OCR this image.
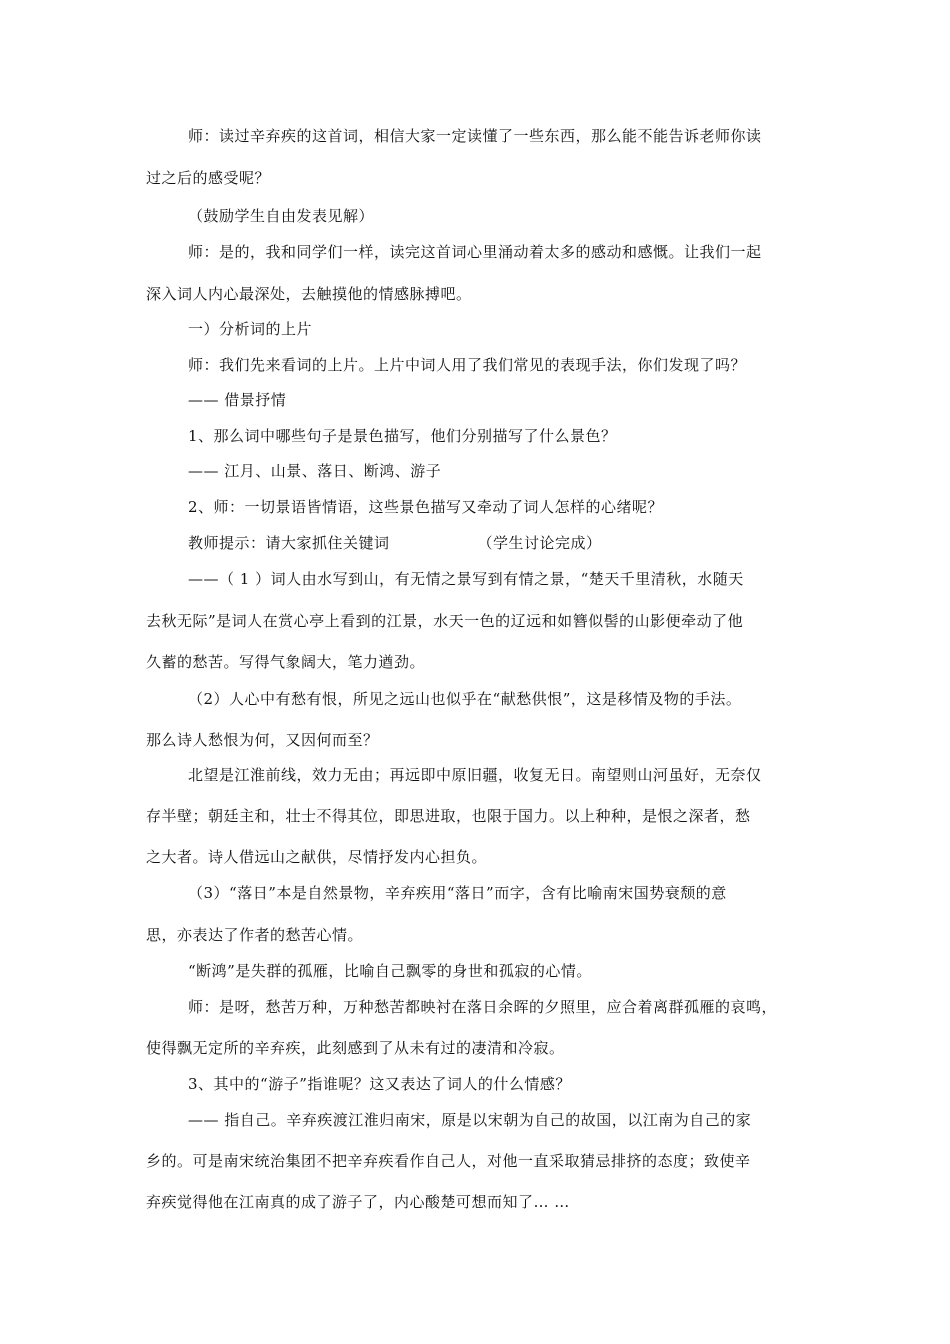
师：读过辛弃疾的这首词，相信大家一定读懂了一些东西，那么能不能告诉老师你读
过之后的感受呢？
（鼓励学生自由发表见解）
师：是的，我和同学们一样，读完这首词心里涌动着太多的感动和感慨。让我们一起
深入词人内心最深处，去触摸他的情感脉搏吧。
一）分析词的上片
师：我们先来看词的上片。上片中词人用了我们常见的表现手法，你们发现了吗？
—— 借景抒情
1、那么词中哪些句子是景色描写，他们分别描写了什么景色？
—— 江月、山景、落日、断鸿、游子
2、师：一切景语皆情语，这些景色描写又牵动了词人怎样的心绪呢？
教师提示：请大家抓住关键词	（学生讨论完成）
——（ 1 ）词人由水写到山，有无情之景写到有情之景，“楚天千里清秋，水随天
去秋无际”是词人在赏心亭上看到的江景，水天一色的辽远和如簪似髻的山影便牵动了他
久蓄的愁苦。写得气象阔大，笔力遒劲。
（2）人心中有愁有恨，所见之远山也似乎在“献愁供恨”，这是移情及物的手法。
那么诗人愁恨为何，又因何而至？
北望是江淮前线，效力无由；再远即中原旧疆，收复无日。南望则山河虽好，无奈仅
存半壁；朝廷主和，壮士不得其位，即思进取，也限于国力。以上种种，是恨之深者，愁
之大者。诗人借远山之献供，尽情抒发内心担负。
（3）“落日”本是自然景物，辛弃疾用“落日”而字，含有比喻南宋国势衰颓的意
思，亦表达了作者的愁苦心情。
“断鸿”是失群的孤雁，比喻自己飘零的身世和孤寂的心情。
师：是呀，愁苦万种，万种愁苦都映衬在落日余晖的夕照里，应合着离群孤雁的哀鸣，
使得飘无定所的辛弃疾，此刻感到了从未有过的凄清和冷寂。
3、其中的“游子”指谁呢？这又表达了词人的什么情感？
—— 指自己。辛弃疾渡江淮归南宋，原是以宋朝为自己的故国，以江南为自己的家
乡的。可是南宋统治集团不把辛弃疾看作自己人，对他一直采取猜忌排挤的态度；致使辛
弃疾觉得他在江南真的成了游子了，内心酸楚可想而知了… …
